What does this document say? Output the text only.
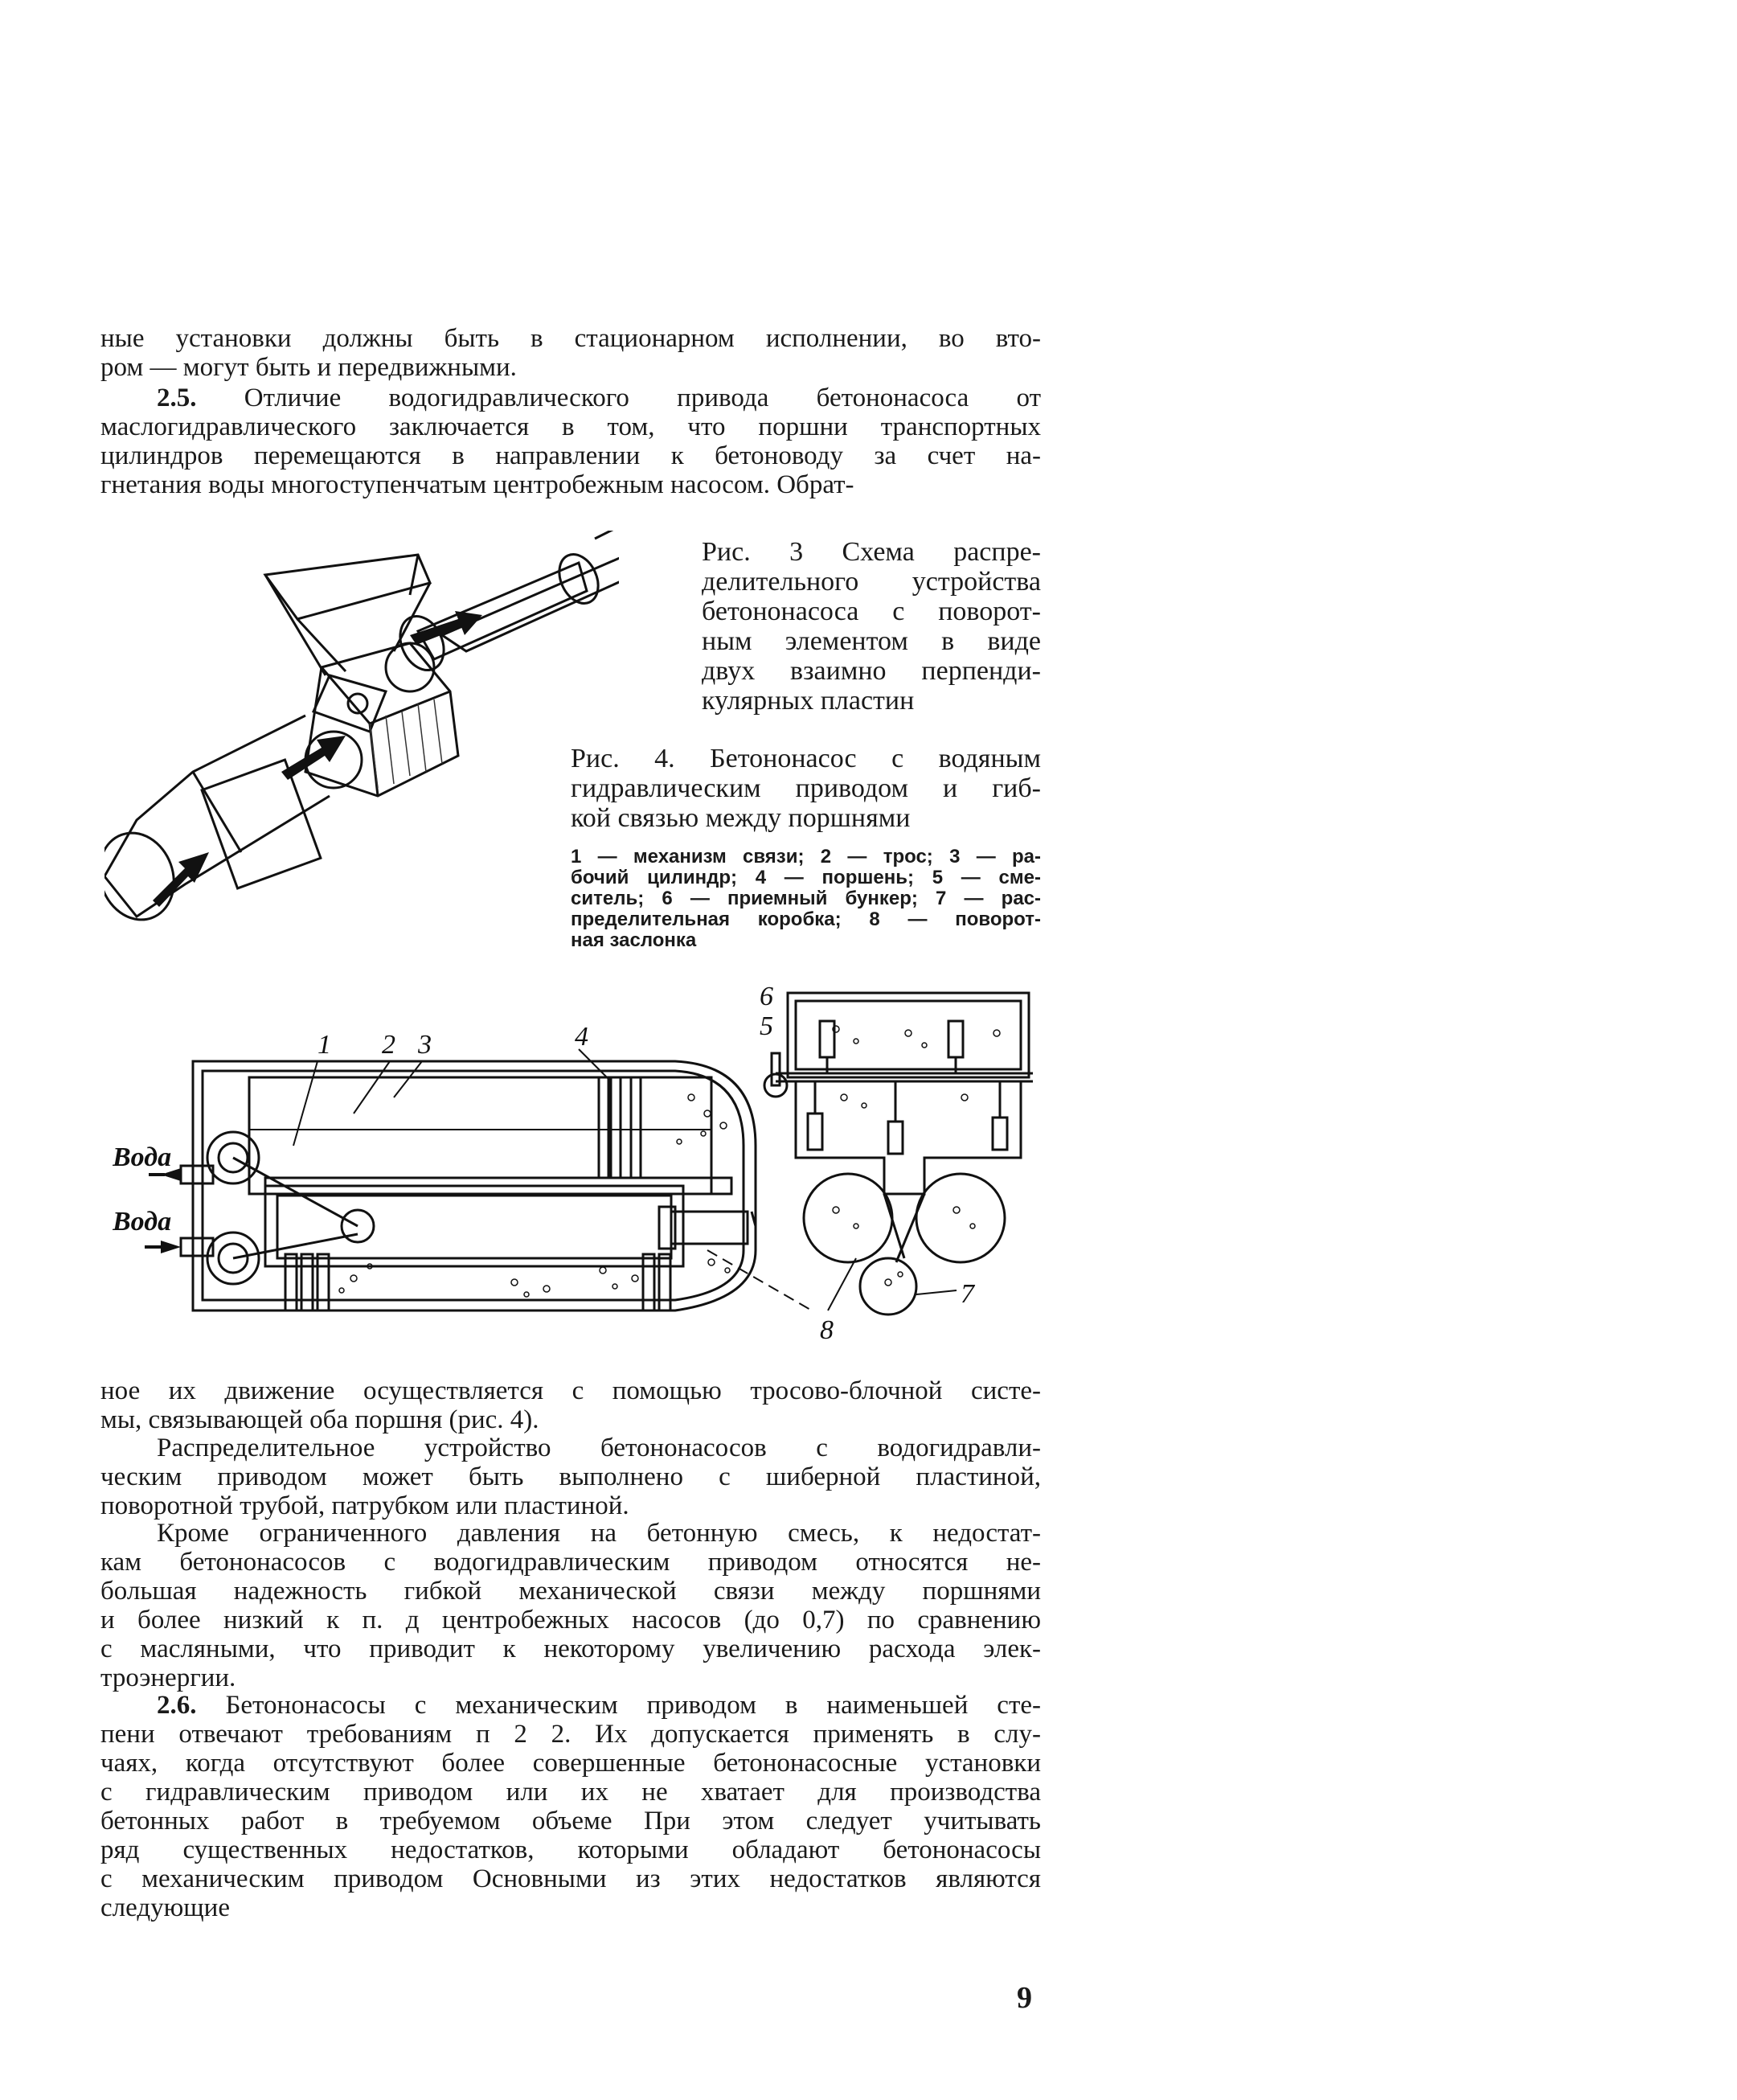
ные установки должны быть в стационарном исполнении, во вто-
ром — могут быть и передвижными.
2.5. Отличие водогидравлического привода бетононасоса от
маслогидравлического заключается в том, что поршни транспортных
цилиндров перемещаются в направлении к бетоноводу за счет на-
гнетания воды многоступенчатым центробежным насосом. Обрат-
Рис. 3 Схема распре-
делительного устройства
бетононасоса с поворот-
ным элементом в виде
двух взаимно перпенди-
кулярных пластин
Рис. 4. Бетононасос с водяным
гидравлическим приводом и гиб-
кой связью между поршнями
1 — механизм связи; 2 — трос; 3 — ра-
бочий цилиндр; 4 — поршень; 5 — сме-
ситель; 6 — приемный бункер; 7 — рас-
пределительная коробка; 8 — поворот-
ная заслонка
1 2 3	4	5
6
7
8
Вода
Вода
ное их движение осуществляется с помощью тросово-блочной систе-
мы, связывающей оба поршня (рис. 4).
Распределительное устройство бетононасосов с водогидравли-
ческим приводом может быть выполнено с шиберной пластиной,
поворотной трубой, патрубком или пластиной.
Кроме ограниченного давления на бетонную смесь, к недостат-
кам бетононасосов с водогидравлическим приводом относятся не-
большая надежность гибкой механической связи между поршнями
и более низкий к п. д центробежных насосов (до 0,7) по сравнению
с масляными, что приводит к некоторому увеличению расхода элек-
троэнергии.
2.6. Бетононасосы с механическим приводом в наименьшей сте-
пени отвечают требованиям п 2 2. Их допускается применять в слу-
чаях, когда отсутствуют более совершенные бетононасосные установки
с гидравлическим приводом или их не хватает для производства
бетонных работ в требуемом объеме При этом следует учитывать
ряд существенных недостатков, которыми обладают бетононасосы
с механическим приводом Основными из этих недостатков являются
следующие
9
